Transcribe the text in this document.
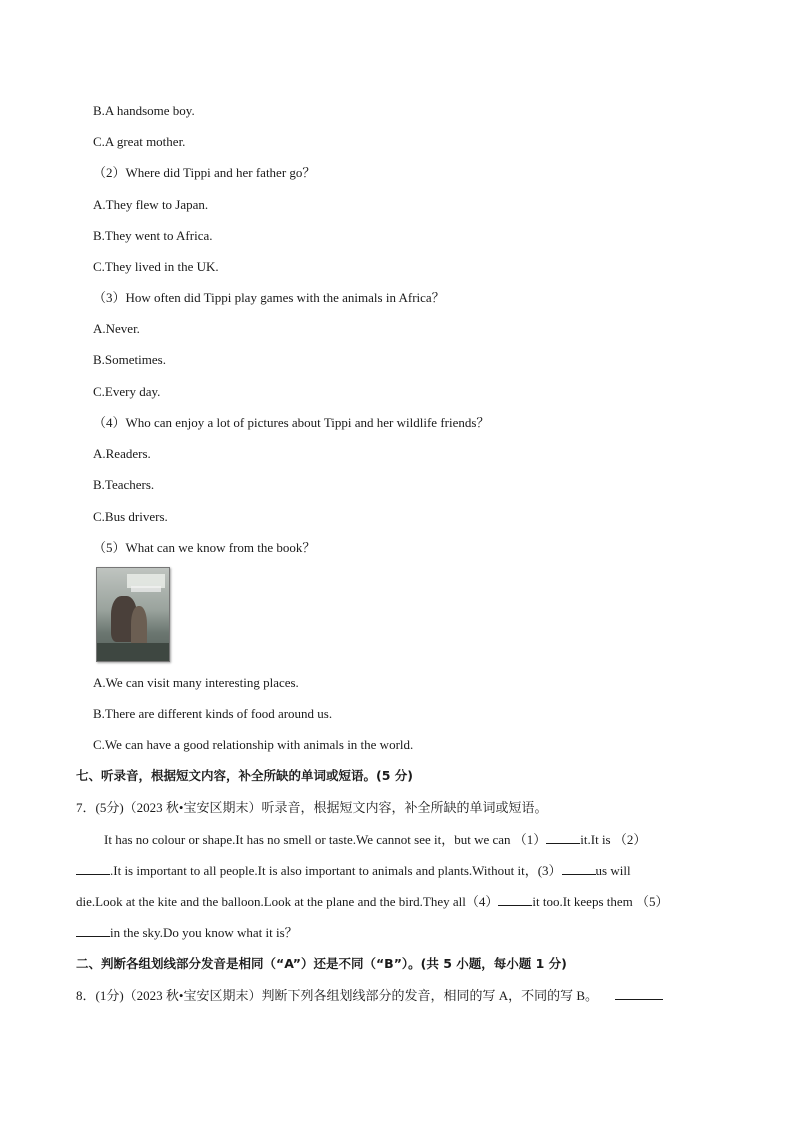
B.A handsome boy.
C.A great mother.
（2）Where did Tippi and her father go？
A.They flew to Japan.
B.They went to Africa.
C.They lived in the UK.
（3）How often did Tippi play games with the animals in Africa？
A.Never.
B.Sometimes.
C.Every day.
（4）Who can enjoy a lot of pictures about Tippi and her wildlife friends？
A.Readers.
B.Teachers.
C.Bus drivers.
（5）What can we know from the book？
A.We can visit many interesting places.
B.There are different kinds of food around us.
C.We can have a good relationship with animals in the world.
七、听录音，根据短文内容，补全所缺的单词或短语。(5 分)
7．(5分)（2023 秋•宝安区期末）听录音，根据短文内容，补全所缺的单词或短语。
It has no colour or shape.It has no smell or taste.We cannot see it，but we can （1）	it.It is （2）
.It is important to all people.It is also important to animals and plants.Without it，(3）	us will
die.Look at the kite and the balloon.Look at the plane and the bird.They all（4）	it too.It keeps them （5）
in the sky.Do you know what it is？
二、判断各组划线部分发音是相同（“A”）还是不同（“B”）。(共 5 小题，每小题 1 分)
8．(1分)（2023 秋•宝安区期末）判断下列各组划线部分的发音，相同的写 A，不同的写 B。
